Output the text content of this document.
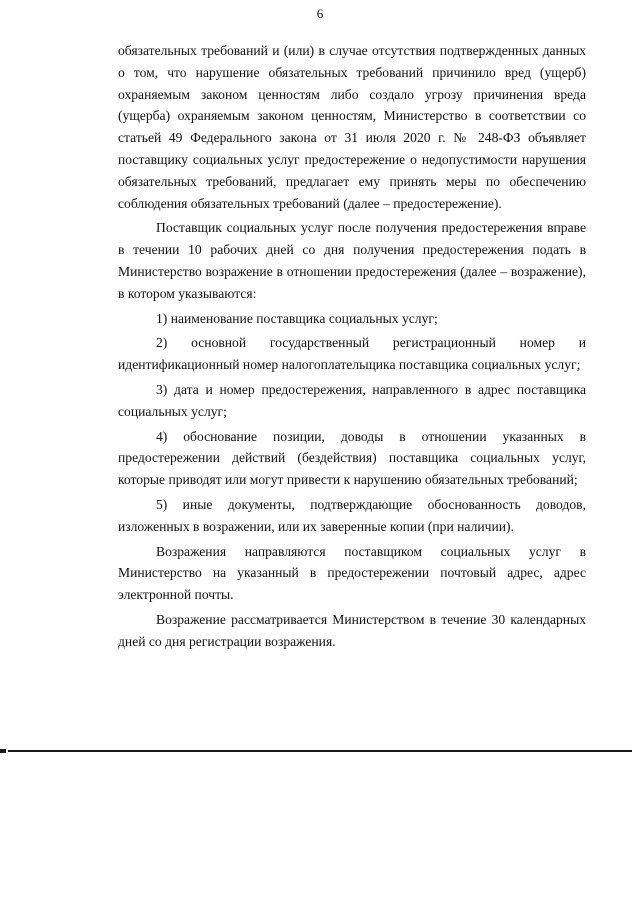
6

обязательных требований и (или) в случае отсутствия подтвержденных данных о том, что нарушение обязательных требований причинило вред (ущерб) охраняемым законом ценностям либо создало угрозу причинения вреда (ущерба) охраняемым законом ценностям, Министерство в соответствии со статьей 49 Федерального закона от 31 июля 2020 г. № 248-ФЗ объявляет поставщику социальных услуг предостережение о недопустимости нарушения обязательных требований, предлагает ему принять меры по обеспечению соблюдения обязательных требований (далее – предостережение).

Поставщик социальных услуг после получения предостережения вправе в течении 10 рабочих дней со дня получения предостережения подать в Министерство возражение в отношении предостережения (далее – возражение), в котором указываются:

1) наименование поставщика социальных услуг;

2) основной государственный регистрационный номер и идентификационный номер налогоплательщика поставщика социальных услуг;

3) дата и номер предостережения, направленного в адрес поставщика социальных услуг;

4) обоснование позиции, доводы в отношении указанных в предостережении действий (бездействия) поставщика социальных услуг, которые приводят или могут привести к нарушению обязательных требований;

5) иные документы, подтверждающие обоснованность доводов, изложенных в возражении, или их заверенные копии (при наличии).

Возражения направляются поставщиком социальных услуг в Министерство на указанный в предостережении почтовый адрес, адрес электронной почты.

Возражение рассматривается Министерством в течение 30 календарных дней со дня регистрации возражения.
